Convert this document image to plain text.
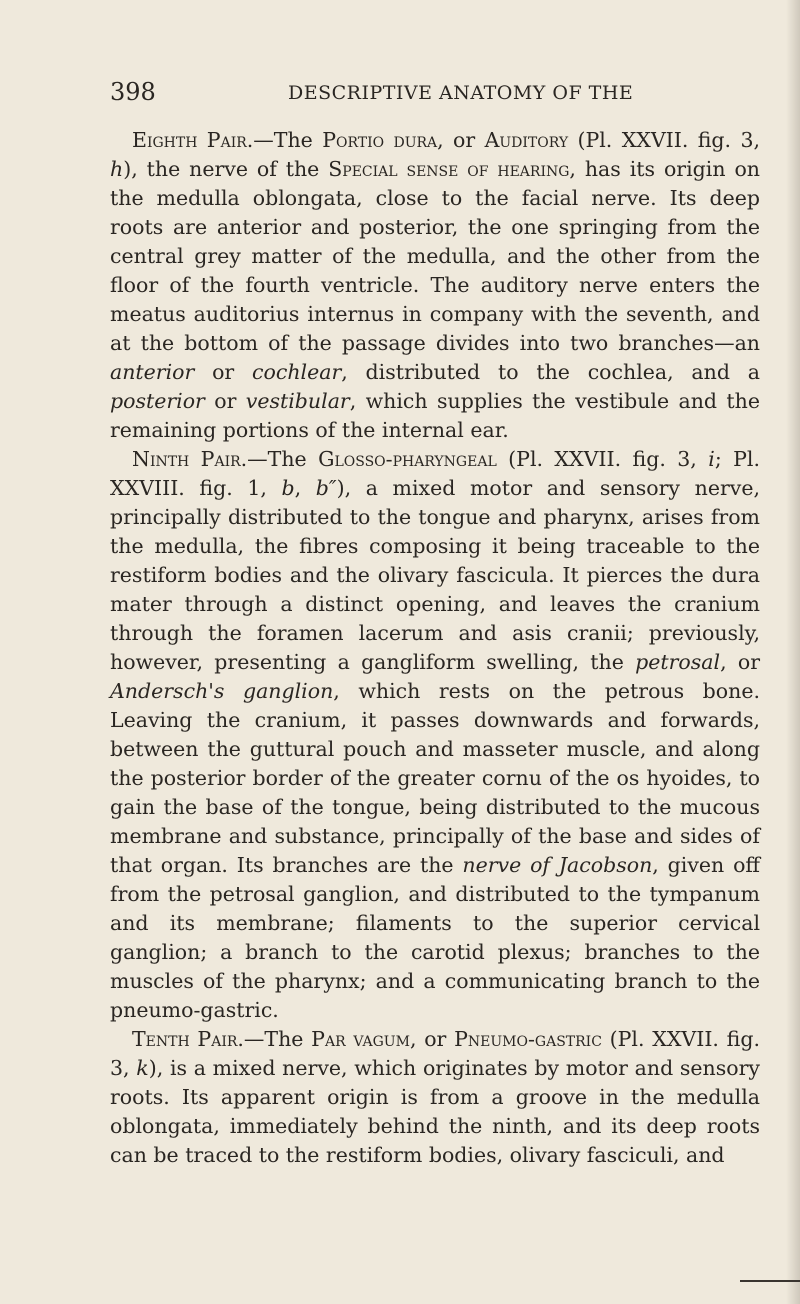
398	DESCRIPTIVE ANATOMY OF THE

Eighth Pair.—The Portio dura, or Auditory (Pl. XXVII. fig. 3, h), the nerve of the Special sense of hearing, has its origin on the medulla oblongata, close to the facial nerve. Its deep roots are anterior and posterior, the one springing from the central grey matter of the medulla, and the other from the floor of the fourth ventricle. The auditory nerve enters the meatus auditorius internus in company with the seventh, and at the bottom of the passage divides into two branches—an anterior or cochlear, distributed to the cochlea, and a posterior or vestibular, which supplies the vestibule and the remaining portions of the internal ear.

Ninth Pair.—The Glosso-pharyngeal (Pl. XXVII. fig. 3, i; Pl. XXVIII. fig. 1, b, b″), a mixed motor and sensory nerve, principally distributed to the tongue and pharynx, arises from the medulla, the fibres composing it being traceable to the restiform bodies and the olivary fascicula. It pierces the dura mater through a distinct opening, and leaves the cranium through the foramen lacerum and asis cranii; previously, however, presenting a gangliform swelling, the petrosal, or Andersch's ganglion, which rests on the petrous bone. Leaving the cranium, it passes downwards and forwards, between the guttural pouch and masseter muscle, and along the posterior border of the greater cornu of the os hyoides, to gain the base of the tongue, being distributed to the mucous membrane and substance, principally of the base and sides of that organ. Its branches are the nerve of Jacobson, given off from the petrosal ganglion, and distributed to the tympanum and its membrane; filaments to the superior cervical ganglion; a branch to the carotid plexus; branches to the muscles of the pharynx; and a communicating branch to the pneumo-gastric.

Tenth Pair.—The Par vagum, or Pneumo-gastric (Pl. XXVII. fig. 3, k), is a mixed nerve, which originates by motor and sensory roots. Its apparent origin is from a groove in the medulla oblongata, immediately behind the ninth, and its deep roots can be traced to the restiform bodies, olivary fasciculi, and
